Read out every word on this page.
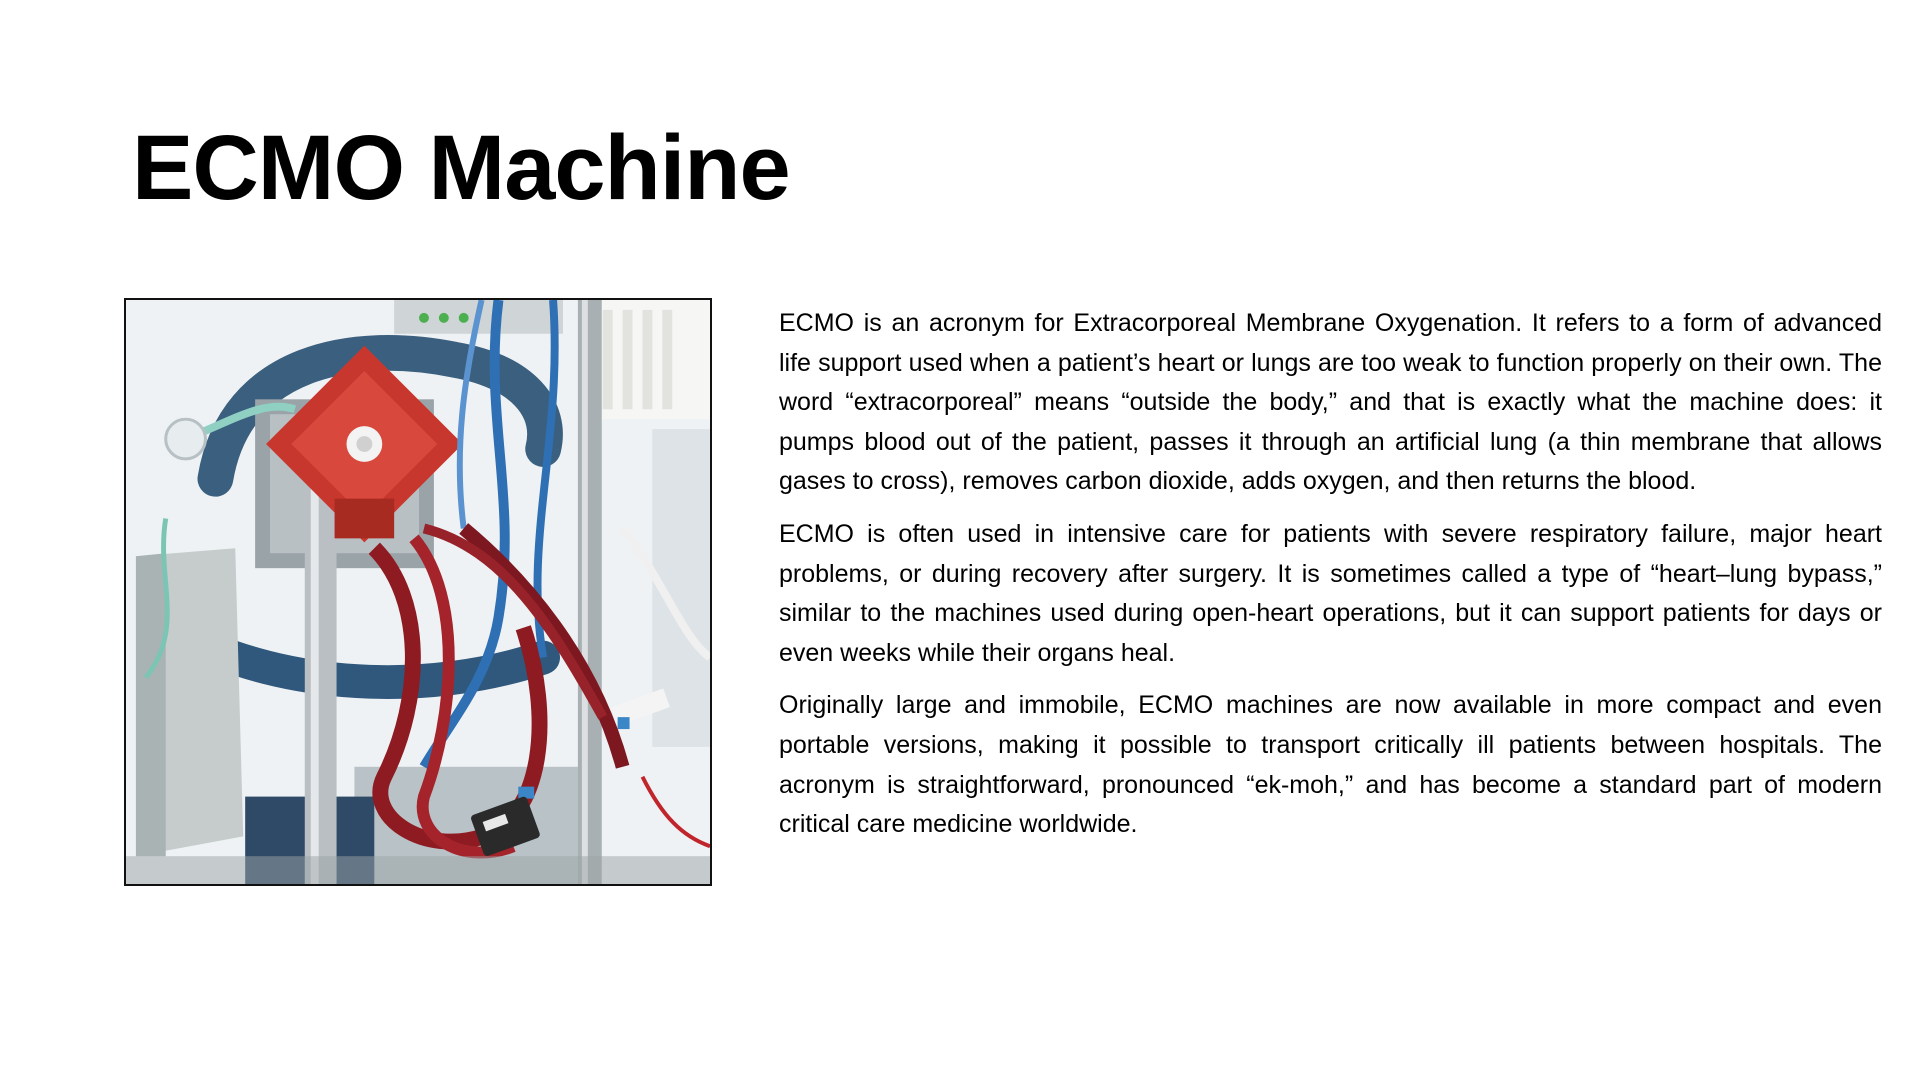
ECMO Machine

ECMO is an acronym for Extracorporeal Membrane Oxygenation. It refers to a form of advanced life support used when a patient’s heart or lungs are too weak to function properly on their own. The word “extracorporeal” means “outside the body,” and that is exactly what the machine does: it pumps blood out of the patient, passes it through an artificial lung (a thin membrane that allows gases to cross), removes carbon dioxide, adds oxygen, and then returns the blood.

ECMO is often used in intensive care for patients with severe respiratory failure, major heart problems, or during recovery after surgery. It is sometimes called a type of “heart–lung bypass,” similar to the machines used during open-heart operations, but it can support patients for days or even weeks while their organs heal.

Originally large and immobile, ECMO machines are now available in more compact and even portable versions, making it possible to transport critically ill patients between hospitals. The acronym is straightforward, pronounced “ek-moh,” and has become a standard part of modern critical care medicine worldwide.
